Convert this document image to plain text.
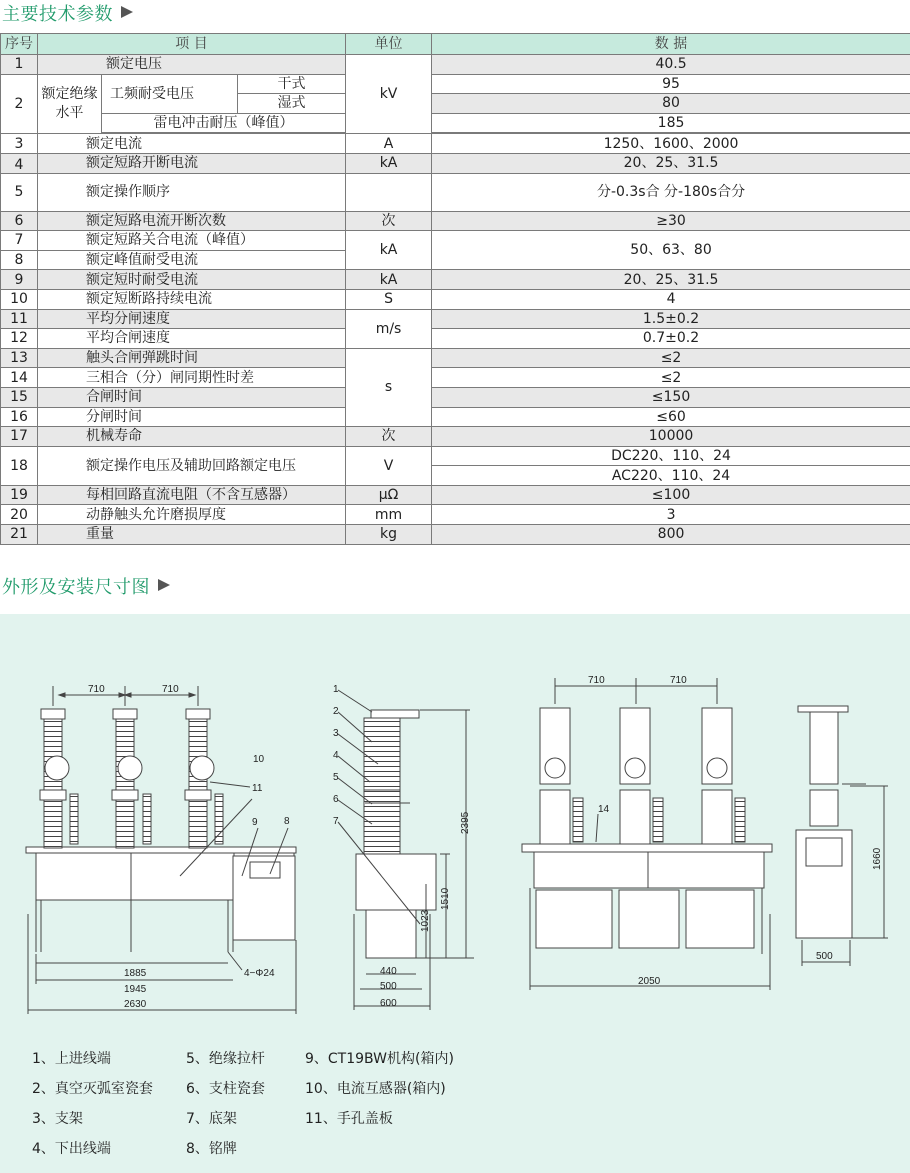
主要技术参数
序号	项 目			单位	数 据
1	额定电压			kV	40.5
2	额定绝缘水平	工频耐受电压	干式		95
			湿式		80
		雷电冲击耐压（峰值）			185

3	额定电流			A	1250、1600、2000
4	额定短路开断电流			kA	20、25、31.5
5	额定操作顺序				分-0.3s合 分-180s合分
6	额定短路电流开断次数			次	≥30
7	额定短路关合电流（峰值）			kA	50、63、80
8	额定峰值耐受电流				
9	额定短时耐受电流			kA	20、25、31.5
10	额定短断路持续电流			S	4
11	平均分闸速度			m/s	1.5±0.2
12	平均合闸速度				0.7±0.2
13	触头合闸弹跳时间			s	≤2
14	三相合（分）闸同期性时差				≤2
15	合闸时间				≤150
16	分闸时间				≤60
17	机械寿命			次	10000
18	额定操作电压及辅助回路额定电压			V	DC220、110、24
					AC220、110、24
19	每相回路直流电阻（不含互感器）			μΩ	≤100
20	动静触头允许磨损厚度			mm	3
21	重量			kg	800
外形及安装尺寸图
710	710
1885
1945
2630
4−Φ24
11
10
9	8
1
2
3
4
5
6
7	2395
1510
1023
440
500
600
710	710
14
2050
1660
500
1、上进线端	5、绝缘拉杆	9、CT19BW机构(箱内)
2、真空灭弧室瓷套 6、支柱瓷套	10、电流互感器(箱内)
3、支架	7、底架	11、手孔盖板
4、下出线端	8、铭牌
